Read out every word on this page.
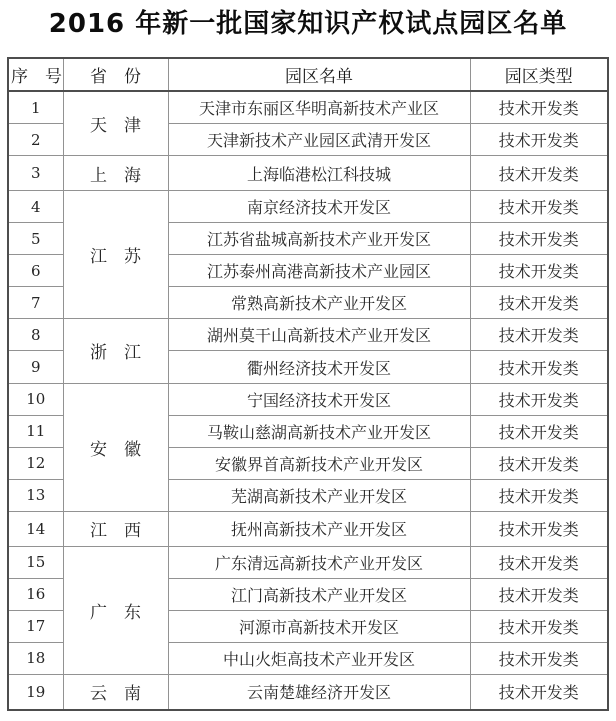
2016 年新一批国家知识产权试点园区名单
序　号	省　份	园区名单	园区类型
1	天　津	天津市东丽区华明高新技术产业区	技术开发类
2		天津新技术产业园区武清开发区	技术开发类
3	上　海	上海临港松江科技城	技术开发类
4	江　苏	南京经济技术开发区	技术开发类
5		江苏省盐城高新技术产业开发区	技术开发类
6		江苏泰州高港高新技术产业园区	技术开发类
7		常熟高新技术产业开发区	技术开发类
8	浙　江	湖州莫干山高新技术产业开发区	技术开发类
9		衢州经济技术开发区	技术开发类
10	安　徽	宁国经济技术开发区	技术开发类
11		马鞍山慈湖高新技术产业开发区	技术开发类
12		安徽界首高新技术产业开发区	技术开发类
13		芜湖高新技术产业开发区	技术开发类
14	江　西	抚州高新技术产业开发区	技术开发类
15	广　东	广东清远高新技术产业开发区	技术开发类
16		江门高新技术产业开发区	技术开发类
17		河源市高新技术开发区	技术开发类
18		中山火炬高技术产业开发区	技术开发类
19	云　南	云南楚雄经济开发区	技术开发类
